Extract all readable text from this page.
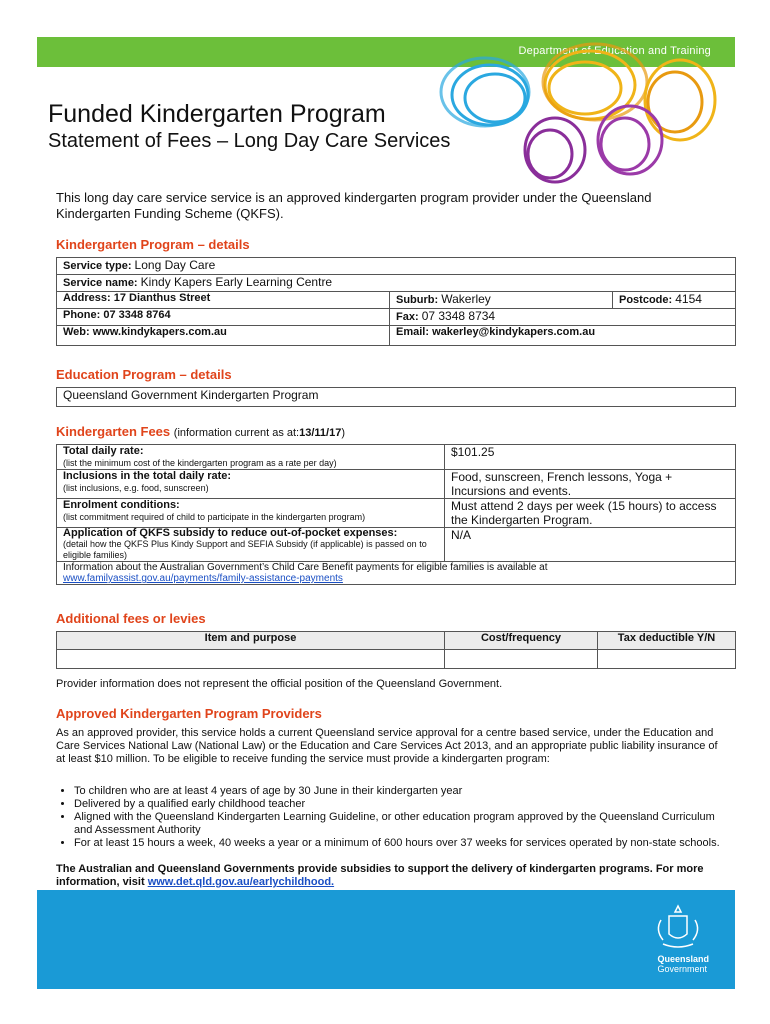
Department of Education and Training
Funded Kindergarten Program
Statement of Fees – Long Day Care Services
This long day care service service is an approved kindergarten program provider under the Queensland Kindergarten Funding Scheme (QKFS).
Kindergarten Program – details
Service type: Long Day Care		
Service name: Kindy Kapers Early Learning Centre		
Address: 17 Dianthus Street	Suburb: Wakerley	Postcode: 4154
Phone: 07 3348 8764	Fax: 07 3348 8734	
Web: www.kindykapers.com.au	Email: wakerley@kindykapers.com.au	
Education Program – details
Queensland Government Kindergarten Program
Kindergarten Fees (information current as at:13/11/17)
Total daily rate:
(list the minimum cost of the kindergarten program as a rate per day)	$101.25

Inclusions in the total daily rate:
(list inclusions, e.g. food, sunscreen)	Food, sunscreen, French lessons, Yoga + Incursions and events.

Enrolment conditions:
(list commitment required of child to participate in the kindergarten program)	Must attend 2 days per week (15 hours) to access the Kindergarten Program.

Application of QKFS subsidy to reduce out-of-pocket expenses:
(detail how the QKFS Plus Kindy Support and SEFIA Subsidy (if applicable) is passed on to eligible families)	N/A

Information about the Australian Government’s Child Care Benefit payments for eligible families is available at
www.familyassist.gov.au/payments/family-assistance-payments	
Additional fees or levies
Item and purpose	Cost/frequency	Tax deductible Y/N

Provider information does not represent the official position of the Queensland Government.
Approved Kindergarten Program Providers
As an approved provider, this service holds a current Queensland service approval for a centre based service, under the Education and Care Services National Law (National Law) or the Education and Care Services Act 2013, and an appropriate public liability insurance of at least $10 million. To be eligible to receive funding the service must provide a kindergarten program:
• To children who are at least 4 years of age by 30 June in their kindergarten year
• Delivered by a qualified early childhood teacher
• Aligned with the Queensland Kindergarten Learning Guideline, or other education program approved by the Queensland Curriculum and Assessment Authority
• For at least 15 hours a week, 40 weeks a year or a minimum of 600 hours over 37 weeks for services operated by non-state schools.
The Australian and Queensland Governments provide subsidies to support the delivery of kindergarten programs. For more information, visit www.det.qld.gov.au/earlychildhood.
Queensland
Government
